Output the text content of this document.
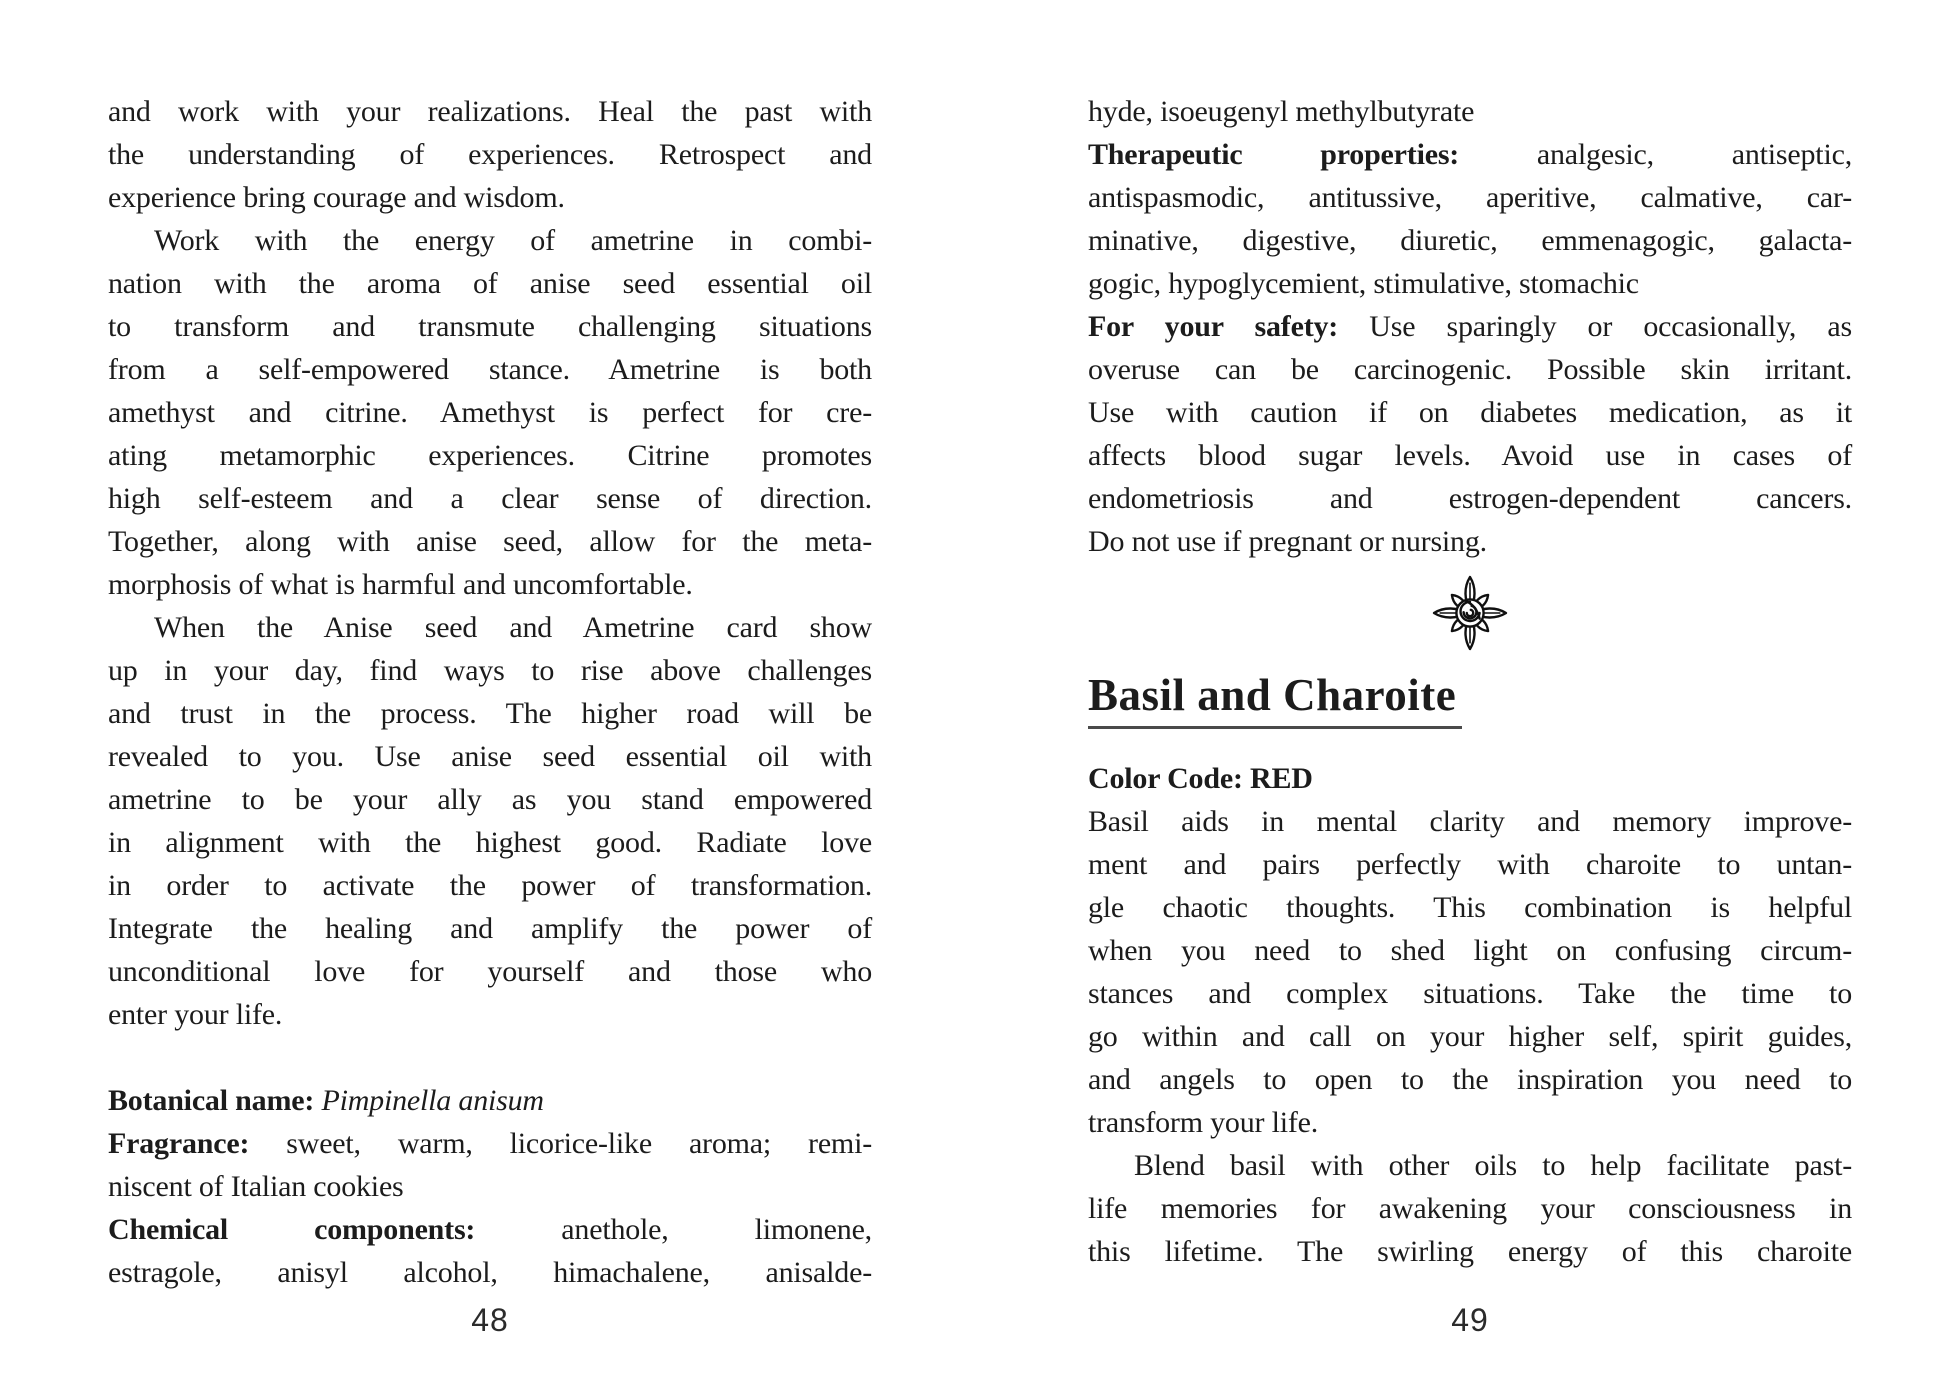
and work with your realizations. Heal the past with
the understanding of experiences. Retrospect and
experience bring courage and wisdom.
Work with the energy of ametrine in combi-
nation with the aroma of anise seed essential oil
to transform and transmute challenging situations
from a self-empowered stance. Ametrine is both
amethyst and citrine. Amethyst is perfect for cre-
ating metamorphic experiences. Citrine promotes
high self-esteem and a clear sense of direction.
Together, along with anise seed, allow for the meta-
morphosis of what is harmful and uncomfortable.
When the Anise seed and Ametrine card show
up in your day, find ways to rise above challenges
and trust in the process. The higher road will be
revealed to you. Use anise seed essential oil with
ametrine to be your ally as you stand empowered
in alignment with the highest good. Radiate love
in order to activate the power of transformation.
Integrate the healing and amplify the power of
unconditional love for yourself and those who
enter your life.
Botanical name: Pimpinella anisum
Fragrance: sweet, warm, licorice-like aroma; remi-
niscent of Italian cookies
Chemical components: anethole, limonene,
estragole, anisyl alcohol, himachalene, anisalde-
hyde, isoeugenyl methylbutyrate
Therapeutic properties: analgesic, antiseptic,
antispasmodic, antitussive, aperitive, calmative, car-
minative, digestive, diuretic, emmenagogic, galacta-
gogic, hypoglycemient, stimulative, stomachic
For your safety: Use sparingly or occasionally, as
overuse can be carcinogenic. Possible skin irritant.
Use with caution if on diabetes medication, as it
affects blood sugar levels. Avoid use in cases of
endometriosis and estrogen-dependent cancers.
Do not use if pregnant or nursing.
Basil and Charoite
Color Code: RED
Basil aids in mental clarity and memory improve-
ment and pairs perfectly with charoite to untan-
gle chaotic thoughts. This combination is helpful
when you need to shed light on confusing circum-
stances and complex situations. Take the time to
go within and call on your higher self, spirit guides,
and angels to open to the inspiration you need to
transform your life.
Blend basil with other oils to help facilitate past-
life memories for awakening your consciousness in
this lifetime. The swirling energy of this charoite
48	49
